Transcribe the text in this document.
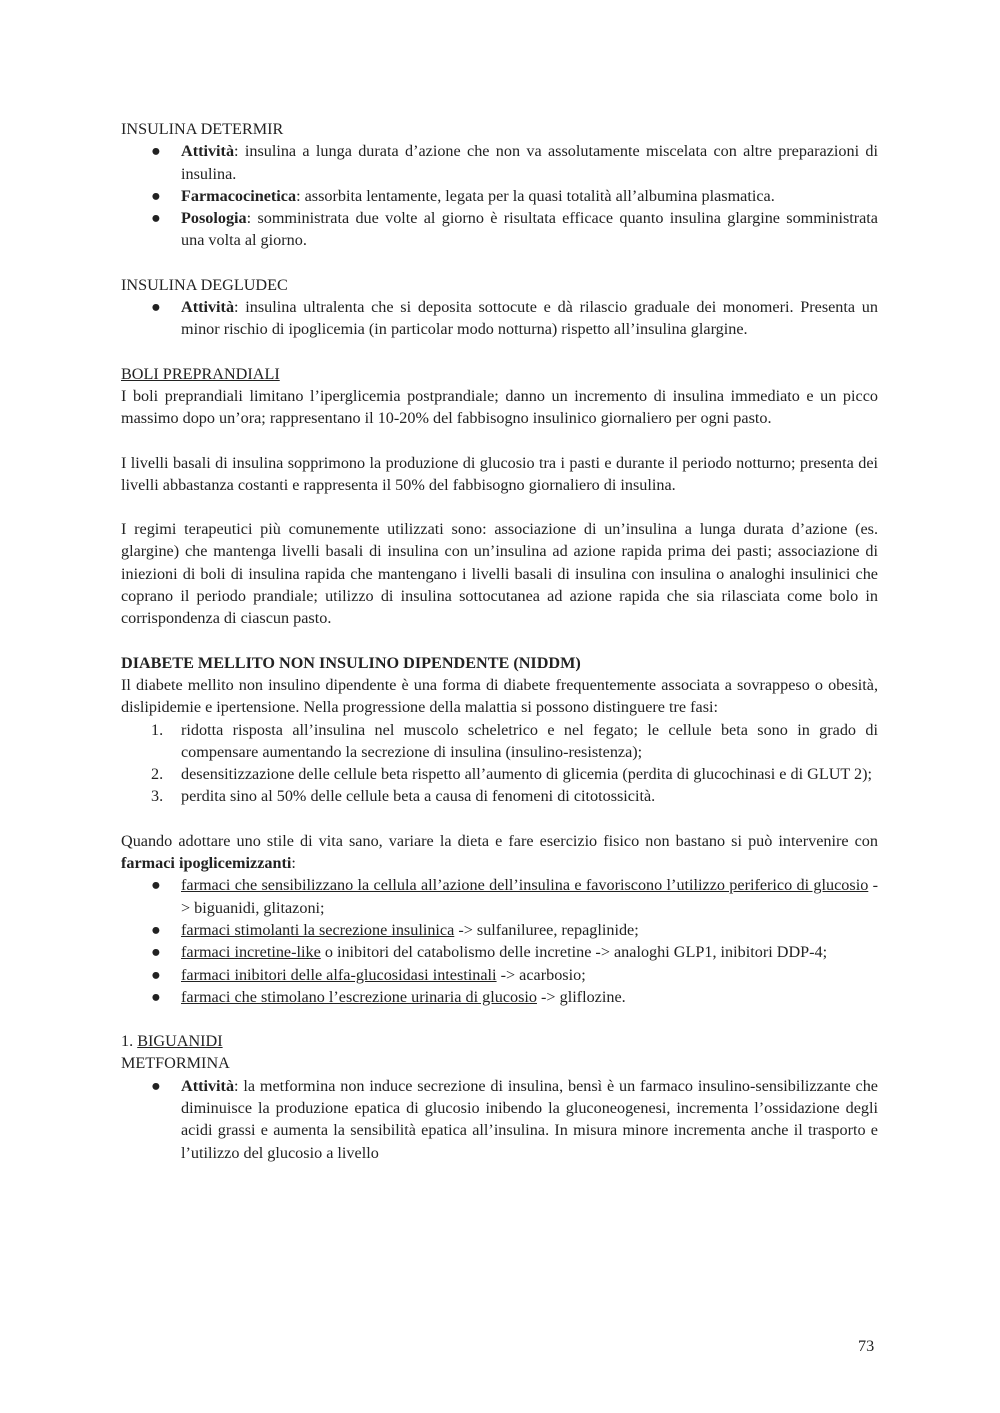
INSULINA DETERMIR

● Attività: insulina a lunga durata d’azione che non va assolutamente miscelata con altre preparazioni di insulina.
● Farmacocinetica: assorbita lentamente, legata per la quasi totalità all’albumina plasmatica.
● Posologia: somministrata due volte al giorno è risultata efficace quanto insulina glargine somministrata una volta al giorno.

INSULINA DEGLUDEC

● Attività: insulina ultralenta che si deposita sottocute e dà rilascio graduale dei monomeri. Presenta un minor rischio di ipoglicemia (in particolar modo notturna) rispetto all’insulina glargine.

BOLI PREPRANDIALI

I boli preprandiali limitano l’iperglicemia postprandiale; danno un incremento di insulina immediato e un picco massimo dopo un’ora; rappresentano il 10-20% del fabbisogno insulinico giornaliero per ogni pasto.

I livelli basali di insulina sopprimono la produzione di glucosio tra i pasti e durante il periodo notturno; presenta dei livelli abbastanza costanti e rappresenta il 50% del fabbisogno giornaliero di insulina.

I regimi terapeutici più comunemente utilizzati sono: associazione di un’insulina a lunga durata d’azione (es. glargine) che mantenga livelli basali di insulina con un’insulina ad azione rapida prima dei pasti; associazione di iniezioni di boli di insulina rapida che mantengano i livelli basali di insulina con insulina o analoghi insulinici che coprano il periodo prandiale; utilizzo di insulina sottocutanea ad azione rapida che sia rilasciata come bolo in corrispondenza di ciascun pasto.

DIABETE MELLITO NON INSULINO DIPENDENTE (NIDDM)

Il diabete mellito non insulino dipendente è una forma di diabete frequentemente associata a sovrappeso o obesità, dislipidemie e ipertensione. Nella progressione della malattia si possono distinguere tre fasi:

1. ridotta risposta all’insulina nel muscolo scheletrico e nel fegato; le cellule beta sono in grado di compensare aumentando la secrezione di insulina (insulino-resistenza);
2. desensitizzazione delle cellule beta rispetto all’aumento di glicemia (perdita di glucochinasi e di GLUT 2);
3. perdita sino al 50% delle cellule beta a causa di fenomeni di citotossicità.

Quando adottare uno stile di vita sano, variare la dieta e fare esercizio fisico non bastano si può intervenire con farmaci ipoglicemizzanti:

● farmaci che sensibilizzano la cellula all’azione dell’insulina e favoriscono l’utilizzo periferico di glucosio -> biguanidi, glitazoni;
● farmaci stimolanti la secrezione insulinica -> sulfaniluree, repaglinide;
● farmaci incretine-like o inibitori del catabolismo delle incretine -> analoghi GLP1, inibitori DDP-4;
● farmaci inibitori delle alfa-glucosidasi intestinali -> acarbosio;
● farmaci che stimolano l’escrezione urinaria di glucosio -> gliflozine.

1. BIGUANIDI

METFORMINA

● Attività: la metformina non induce secrezione di insulina, bensì è un farmaco insulino-sensibilizzante che diminuisce la produzione epatica di glucosio inibendo la gluconeogenesi, incrementa l’ossidazione degli acidi grassi e aumenta la sensibilità epatica all’insulina. In misura minore incrementa anche il trasporto e l’utilizzo del glucosio a livello
73
